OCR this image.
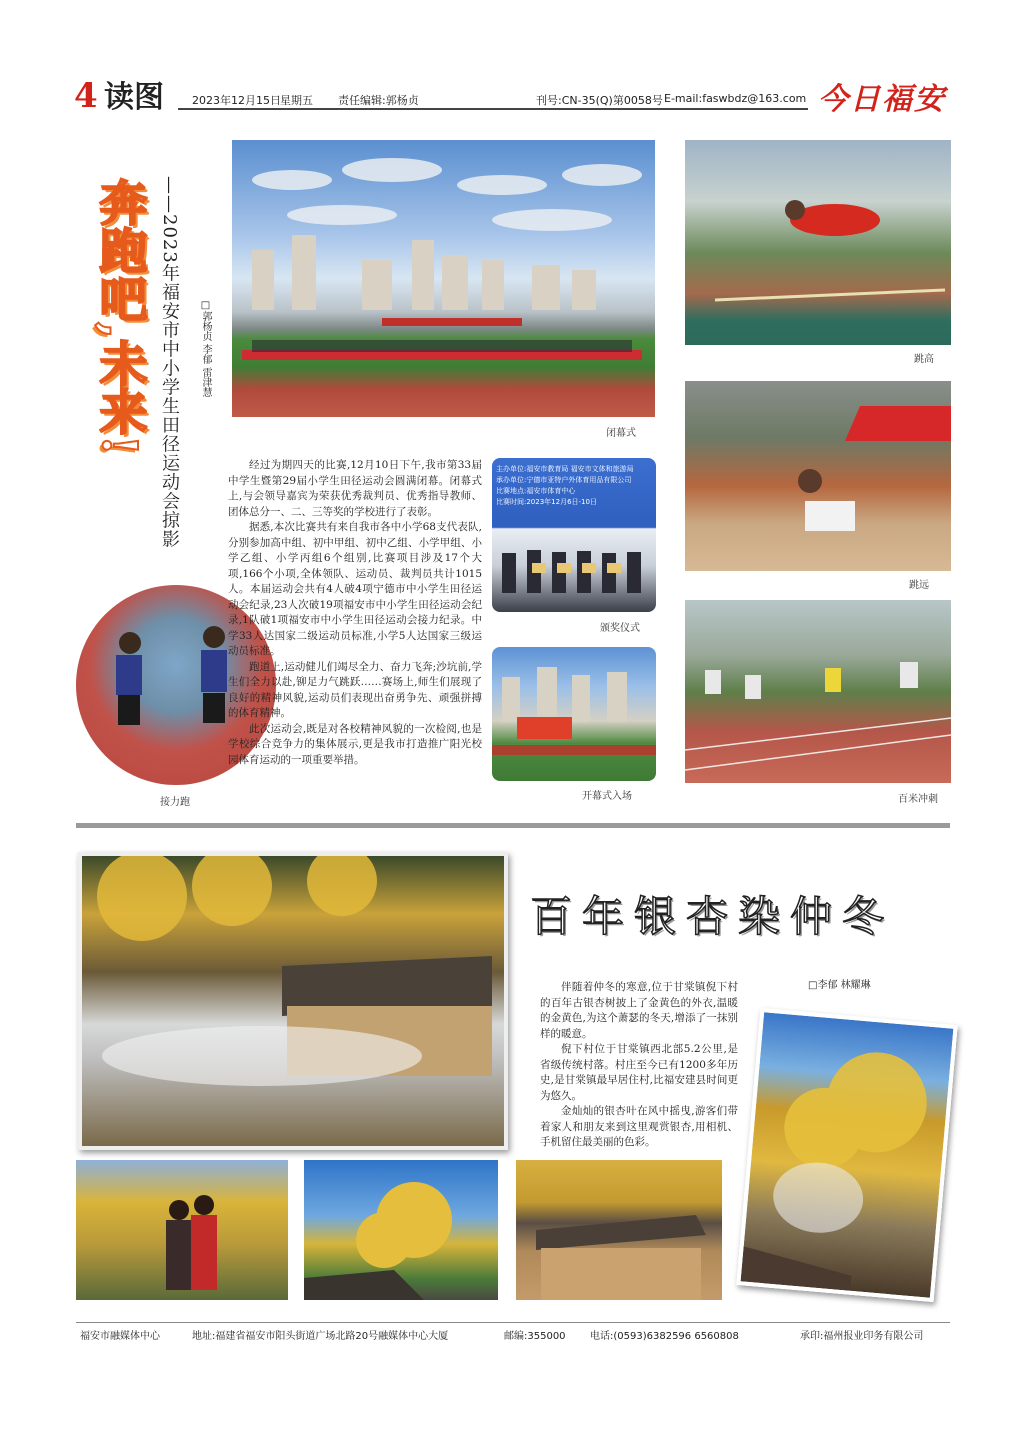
4 读图	2023年12月15日 星期五 责任编辑:郭杨贞	刊号:CN-35(Q)第0058号 E-mail:faswbdz@163.com 今日福安
奔跑吧,未来! ——2023年福安市中小学生田径运动会掠影 □郭杨贞 李郁 雷津慧
闭幕式
跳高
跳远
百米冲刺
主办单位:福安市教育局 福安市文体和旅游局
承办单位:宁德市亚特户外体育用品有限公司
比赛地点:福安市体育中心
比赛时间:2023年12月6日-10日
颁奖仪式
开幕式入场
接力跑

经过为期四天的比赛,12月10日下午,我市第33届中学生暨第29届小学生田径运动会圆满闭幕。闭幕式上,与会领导嘉宾为荣获优秀裁判员、优秀指导教师、团体总分一、二、三等奖的学校进行了表彰。

据悉,本次比赛共有来自我市各中小学68支代表队,分别参加高中组、初中甲组、初中乙组、小学甲组、小学乙组、小学丙组6个组别,比赛项目涉及17个大项,166个小项,全体领队、运动员、裁判员共计1015人。本届运动会共有4人破4项宁德市中小学生田径运动会纪录,23人次破19项福安市中小学生田径运动会纪录,1队破1项福安市中小学生田径运动会接力纪录。中学33人达国家二级运动员标准,小学5人达国家三级运动员标准。

跑道上,运动健儿们竭尽全力、奋力飞奔;沙坑前,学生们全力以赴,铆足力气跳跃……赛场上,师生们展现了良好的精神风貌,运动员们表现出奋勇争先、顽强拼搏的体育精神。

此次运动会,既是对各校精神风貌的一次检阅,也是学校综合竞争力的集体展示,更是我市打造推广阳光校园体育运动的一项重要举措。

百年银杏染仲冬
□李郁 林耀琳

伴随着仲冬的寒意,位于甘棠镇倪下村的百年古银杏树披上了金黄色的外衣,温暖的金黄色,为这个萧瑟的冬天,增添了一抹别样的暖意。

倪下村位于甘棠镇西北部5.2公里,是省级传统村落。村庄至今已有1200多年历史,是甘棠镇最早居住村,比福安建县时间更为悠久。

金灿灿的银杏叶在风中摇曳,游客们带着家人和朋友来到这里观赏银杏,用相机、手机留住最美丽的色彩。

福安市融媒体中心	地址:福建省福安市阳头街道广场北路20号融媒体中心大厦	邮编:355000 电话:(0593)6382596 6560808	承印:福州报业印务有限公司
